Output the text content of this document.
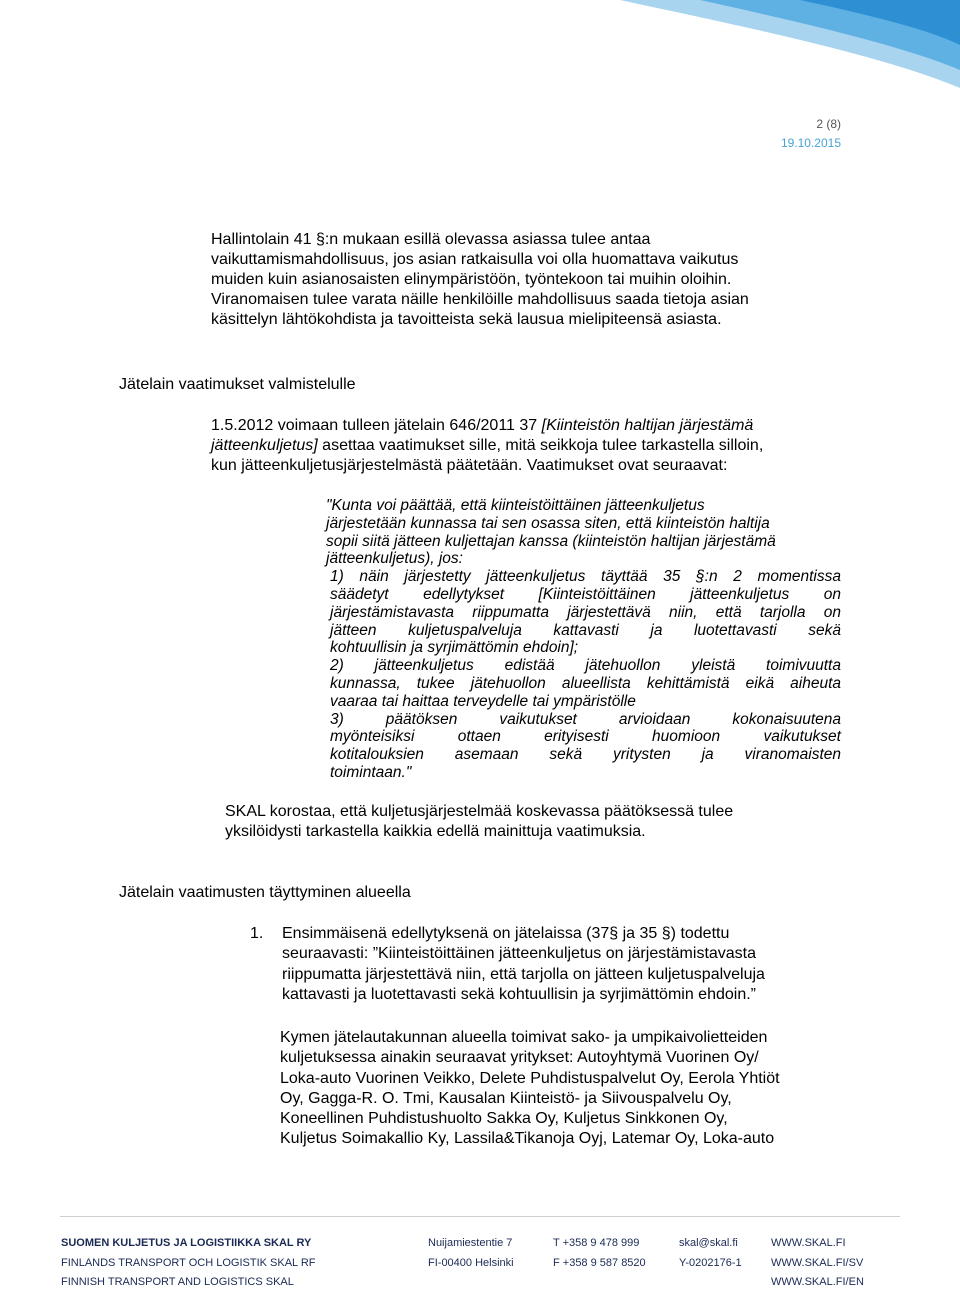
2 (8)
19.10.2015
Hallintolain 41 §:n mukaan esillä olevassa asiassa tulee antaa
vaikuttamismahdollisuus, jos asian ratkaisulla voi olla huomattava vaikutus
muiden kuin asianosaisten elinympäristöön, työntekoon tai muihin oloihin.
Viranomaisen tulee varata näille henkilöille mahdollisuus saada tietoja asian
käsittelyn lähtökohdista ja tavoitteista sekä lausua mielipiteensä asiasta.
Jätelain vaatimukset valmistelulle
1.5.2012 voimaan tulleen jätelain 646/2011 37 [Kiinteistön haltijan järjestämä
jätteenkuljetus] asettaa vaatimukset sille, mitä seikkoja tulee tarkastella silloin,
kun jätteenkuljetusjärjestelmästä päätetään. Vaatimukset ovat seuraavat:
"Kunta voi päättää, että kiinteistöittäinen jätteenkuljetus
järjestetään kunnassa tai sen osassa siten, että kiinteistön haltija
sopii siitä jätteen kuljettajan kanssa (kiinteistön haltijan järjestämä
jätteenkuljetus), jos:
1) näin järjestetty jätteenkuljetus täyttää 35 §:n 2 momentissa
säädetyt edellytykset [Kiinteistöittäinen jätteenkuljetus on
järjestämistavasta riippumatta järjestettävä niin, että tarjolla on
jätteen kuljetuspalveluja kattavasti ja luotettavasti sekä
kohtuullisin ja syrjimättömin ehdoin];
2) jätteenkuljetus edistää jätehuollon yleistä toimivuutta
kunnassa, tukee jätehuollon alueellista kehittämistä eikä aiheuta
vaaraa tai haittaa terveydelle tai ympäristölle
3) päätöksen vaikutukset arvioidaan kokonaisuutena
myönteisiksi ottaen erityisesti huomioon vaikutukset
kotitalouksien asemaan sekä yritysten ja viranomaisten
toimintaan."
SKAL korostaa, että kuljetusjärjestelmää koskevassa päätöksessä tulee
yksilöidysti tarkastella kaikkia edellä mainittuja vaatimuksia.
Jätelain vaatimusten täyttyminen alueella
1. Ensimmäisenä edellytyksenä on jätelaissa (37§ ja 35 §) todettu
seuraavasti: ”Kiinteistöittäinen jätteenkuljetus on järjestämistavasta
riippumatta järjestettävä niin, että tarjolla on jätteen kuljetuspalveluja
kattavasti ja luotettavasti sekä kohtuullisin ja syrjimättömin ehdoin.”
Kymen jätelautakunnan alueella toimivat sako- ja umpikaivolietteiden
kuljetuksessa ainakin seuraavat yritykset: Autoyhtymä Vuorinen Oy/
Loka-auto Vuorinen Veikko, Delete Puhdistuspalvelut Oy, Eerola Yhtiöt
Oy, Gagga-R. O. Tmi, Kausalan Kiinteistö- ja Siivouspalvelu Oy,
Koneellinen Puhdistushuolto Sakka Oy, Kuljetus Sinkkonen Oy,
Kuljetus Soimakallio Ky, Lassila&Tikanoja Oyj, Latemar Oy, Loka-auto
SUOMEN KULJETUS JA LOGISTIIKKA SKAL RY
FINLANDS TRANSPORT OCH LOGISTIK SKAL RF
FINNISH TRANSPORT AND LOGISTICS SKAL
Nuijamiestentie 7
FI-00400 Helsinki
T +358 9 478 999
F +358 9 587 8520
skal@skal.fi
Y-0202176-1
WWW.SKAL.FI
WWW.SKAL.FI/SV
WWW.SKAL.FI/EN
